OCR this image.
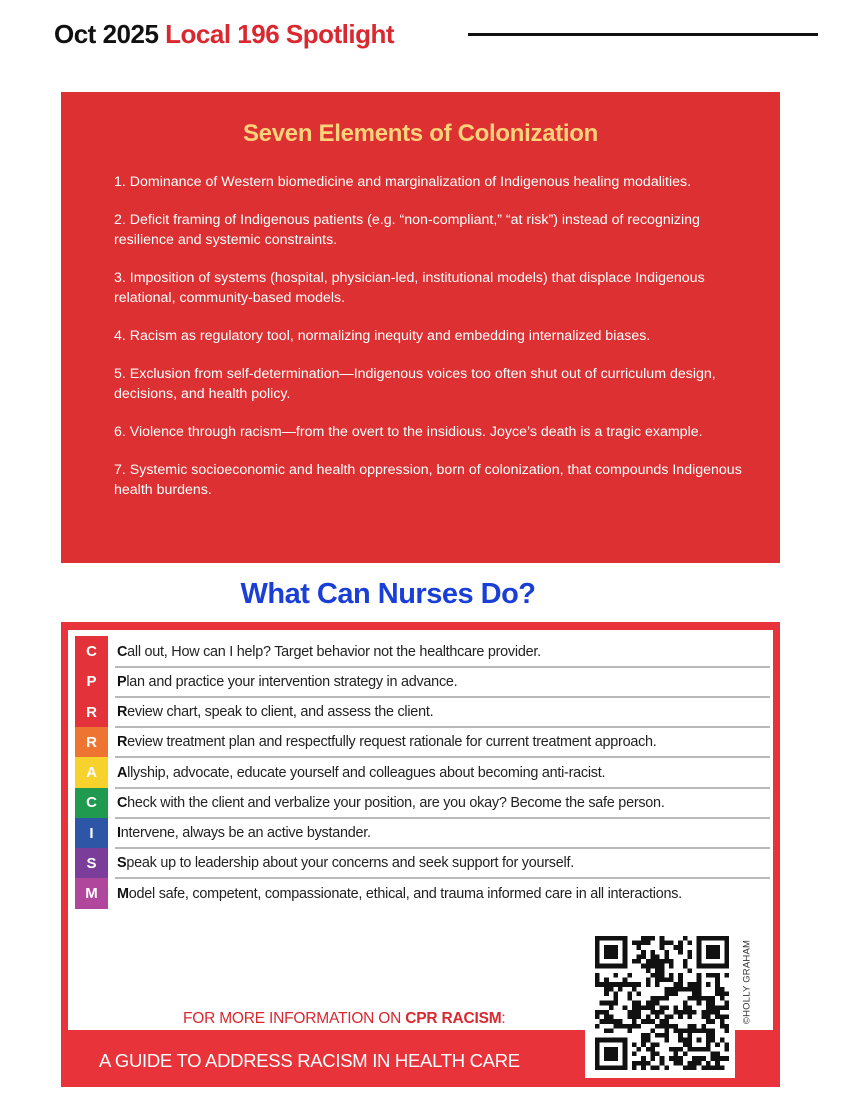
Oct 2025 Local 196 Spotlight
Seven Elements of Colonization
1. Dominance of Western biomedicine and marginalization of Indigenous healing modalities.
2. Deficit framing of Indigenous patients (e.g. “non-compliant,” “at risk”) instead of recognizing resilience and systemic constraints.
3. Imposition of systems (hospital, physician-led, institutional models) that displace Indigenous relational, community-based models.
4. Racism as regulatory tool, normalizing inequity and embedding internalized biases.
5. Exclusion from self-determination—Indigenous voices too often shut out of curriculum design, decisions, and health policy.
6. Violence through racism—from the overt to the insidious. Joyce’s death is a tragic example.
7. Systemic socioeconomic and health oppression, born of colonization, that compounds Indigenous health burdens.
What Can Nurses Do?
C	Call out, How can I help? Target behavior not the healthcare provider.
P	Plan and practice your intervention strategy in advance.
R	Review chart, speak to client, and assess the client.
R	Review treatment plan and respectfully request rationale for current treatment approach.
A	Allyship, advocate, educate yourself and colleagues about becoming anti-racist.
C	Check with the client and verbalize your position, are you okay? Become the safe person.
I	Intervene, always be an active bystander.
S	Speak up to leadership about your concerns and seek support for yourself.
M	Model safe, competent, compassionate, ethical, and trauma informed care in all interactions.
FOR MORE INFORMATION ON CPR RACISM:
A GUIDE TO ADDRESS RACISM IN HEALTH CARE
©HOLLY GRAHAM
